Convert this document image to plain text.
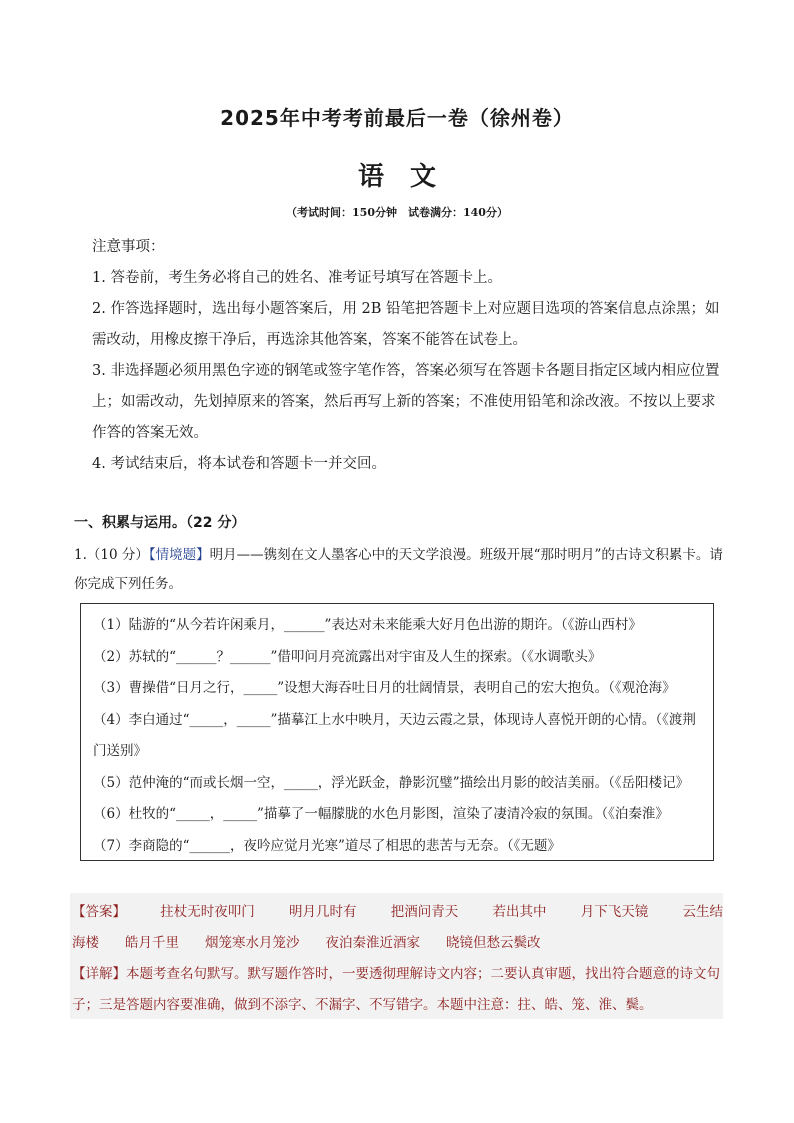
2025年中考考前最后一卷（徐州卷）
语　文
（考试时间：150分钟　试卷满分：140分）

注意事项：

1. 答卷前，考生务必将自己的姓名、准考证号填写在答题卡上。

2. 作答选择题时，选出每小题答案后，用 2B 铅笔把答题卡上对应题目选项的答案信息点涂黑；如需改动，用橡皮擦干净后，再选涂其他答案，答案不能答在试卷上。

3. 非选择题必须用黑色字迹的钢笔或签字笔作答，答案必须写在答题卡各题目指定区域内相应位置上；如需改动，先划掉原来的答案，然后再写上新的答案；不准使用铅笔和涂改液。不按以上要求作答的答案无效。

4. 考试结束后，将本试卷和答题卡一并交回。

一、积累与运用。（22 分）
1.（10 分）【情境题】明月——镌刻在文人墨客心中的天文学浪漫。班级开展“那时明月”的古诗文积累卡。请你完成下列任务。

（1）陆游的“从今若许闲乘月，______”表达对未来能乘大好月色出游的期许。（《游山西村》

（2）苏轼的“______？______”借叩问月亮流露出对宇宙及人生的探索。（《水调歌头》

（3）曹操借“日月之行，_____”设想大海吞吐日月的壮阔情景，表明自己的宏大抱负。（《观沧海》

（4）李白通过“_____，_____”描摹江上水中映月，天边云霞之景，体现诗人喜悦开朗的心情。（《渡荆门送别》

（5）范仲淹的“而或长烟一空，_____，浮光跃金，静影沉璧”描绘出月影的皎洁美丽。（《岳阳楼记》

（6）杜牧的“_____，_____”描摹了一幅朦胧的水色月影图，渲染了凄清冷寂的氛围。（《泊秦淮》

（7）李商隐的“______，夜吟应觉月光寒”道尽了相思的悲苦与无奈。（《无题》

【答案】	拄杖无时夜叩门	明月几时有	把酒问青天	若出其中	月下飞天镜	云生结
海楼 皓月千里 烟笼寒水月笼沙 夜泊秦淮近酒家 晓镜但愁云鬓改

【详解】本题考查名句默写。默写题作答时，一要透彻理解诗文内容；二要认真审题，找出符合题意的诗文句子；三是答题内容要准确，做到不添字、不漏字、不写错字。本题中注意：拄、皓、笼、淮、鬓。
